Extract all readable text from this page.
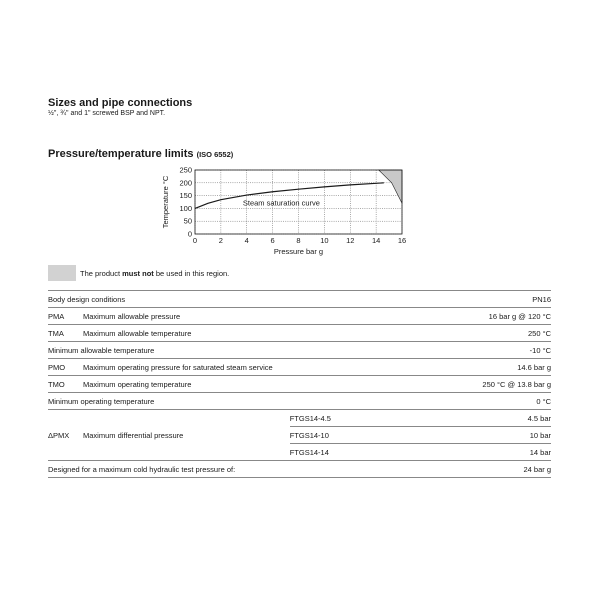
Sizes and pipe connections

½", ¾" and 1" screwed BSP and NPT.

Pressure/temperature limits (ISO 6552)
0	2	4	6	8	10 12 14 16
0
50
100
150
200
250
Steam saturation curve
Pressure bar g
Temperature °C
The product must not be used in this region.
Body design conditions			PN16
PMA	Maximum allowable pressure		16 bar g @ 120 °C
TMA	Maximum allowable temperature		250 °C
Minimum allowable temperature			-10 °C
PMO	Maximum operating pressure for saturated steam service		14.6 bar g
TMO	Maximum operating temperature		250 °C @ 13.8 bar g
Minimum operating temperature			0 °C
ΔPMX	Maximum differential pressure	FTGS14-4.5	4.5 bar
		FTGS14-10	10 bar
		FTGS14-14	14 bar
Designed for a maximum cold hydraulic test pressure of:			24 bar g
